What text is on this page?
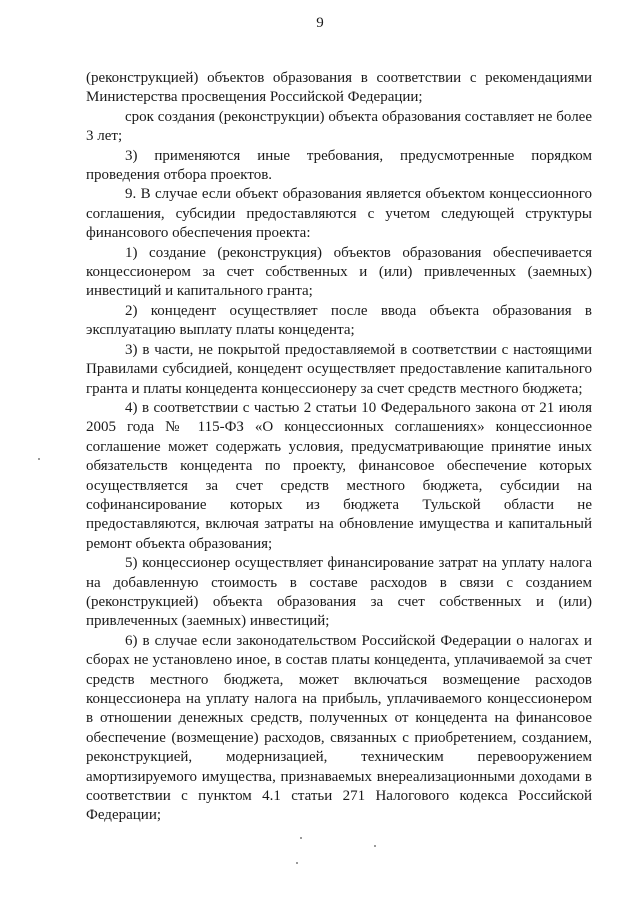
9

(реконструкцией) объектов образования в соответствии с рекомендациями Министерства просвещения Российской Федерации;

срок создания (реконструкции) объекта образования составляет не более 3 лет;

3) применяются иные требования, предусмотренные порядком проведения отбора проектов.

9. В случае если объект образования является объектом концессионного соглашения, субсидии предоставляются с учетом следующей структуры финансового обеспечения проекта:

1) создание (реконструкция) объектов образования обеспечивается концессионером за счет собственных и (или) привлеченных (заемных) инвестиций и капитального гранта;

2) концедент осуществляет после ввода объекта образования в эксплуатацию выплату платы концедента;

3) в части, не покрытой предоставляемой в соответствии с настоящими Правилами субсидией, концедент осуществляет предоставление капитального гранта и платы концедента концессионеру за счет средств местного бюджета;

4) в соответствии с частью 2 статьи 10 Федерального закона от 21 июля 2005 года № 115-ФЗ «О концессионных соглашениях» концессионное соглашение может содержать условия, предусматривающие принятие иных обязательств концедента по проекту, финансовое обеспечение которых осуществляется за счет средств местного бюджета, субсидии на софинансирование которых из бюджета Тульской области не предоставляются, включая затраты на обновление имущества и капитальный ремонт объекта образования;

5) концессионер осуществляет финансирование затрат на уплату налога на добавленную стоимость в составе расходов в связи с созданием (реконструкцией) объекта образования за счет собственных и (или) привлеченных (заемных) инвестиций;

6) в случае если законодательством Российской Федерации о налогах и сборах не установлено иное, в состав платы концедента, уплачиваемой за счет средств местного бюджета, может включаться возмещение расходов концессионера на уплату налога на прибыль, уплачиваемого концессионером в отношении денежных средств, полученных от концедента на финансовое обеспечение (возмещение) расходов, связанных с приобретением, созданием, реконструкцией, модернизацией, техническим перевооружением амортизируемого имущества, признаваемых внереализационными доходами в соответствии с пунктом 4.1 статьи 271 Налогового кодекса Российской Федерации;
